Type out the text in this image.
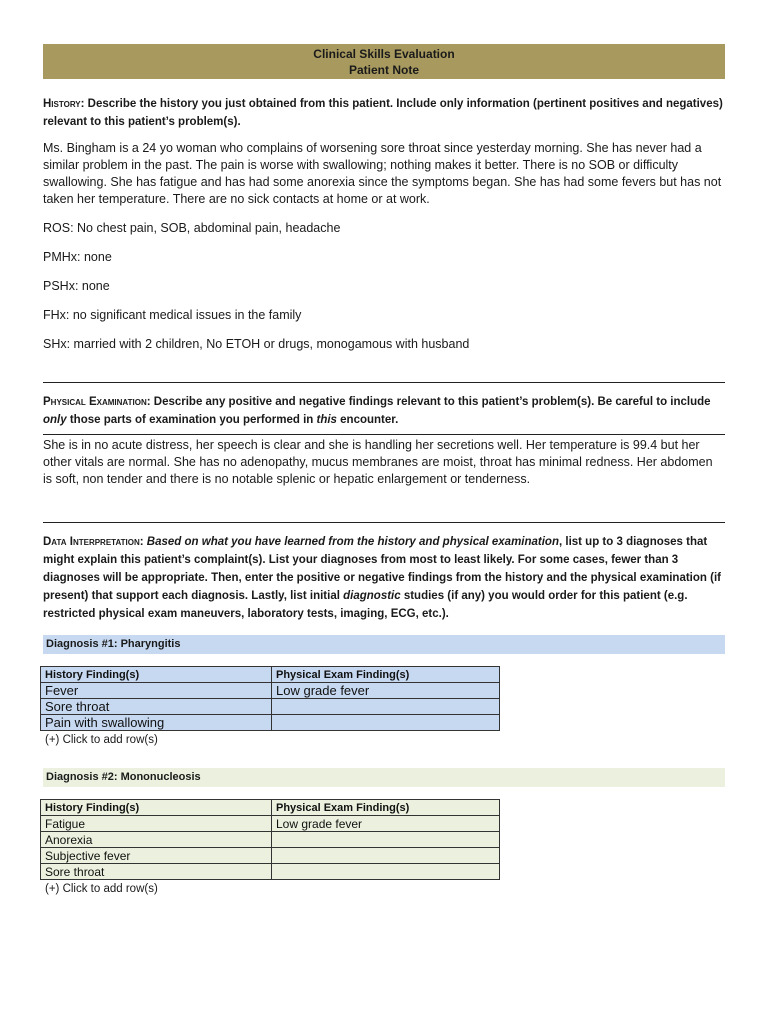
Clinical Skills Evaluation
Patient Note
History: Describe the history you just obtained from this patient. Include only information (pertinent positives and negatives) relevant to this patient’s problem(s).

Ms. Bingham is a 24 yo woman who complains of worsening sore throat since yesterday morning. She has never had a similar problem in the past. The pain is worse with swallowing; nothing makes it better. There is no SOB or difficulty swallowing. She has fatigue and has had some anorexia since the symptoms began. She has had some fevers but has not taken her temperature. There are no sick contacts at home or at work.

ROS: No chest pain, SOB, abdominal pain, headache

PMHx: none

PSHx: none

FHx: no significant medical issues in the family

SHx: married with 2 children, No ETOH or drugs, monogamous with husband

Physical Examination: Describe any positive and negative findings relevant to this patient’s problem(s). Be careful to include only those parts of examination you performed in this encounter.

She is in no acute distress, her speech is clear and she is handling her secretions well. Her temperature is 99.4 but her other vitals are normal. She has no adenopathy, mucus membranes are moist, throat has minimal redness. Her abdomen is soft, non tender and there is no notable splenic or hepatic enlargement or tenderness.

Data Interpretation: Based on what you have learned from the history and physical examination, list up to 3 diagnoses that might explain this patient’s complaint(s). List your diagnoses from most to least likely. For some cases, fewer than 3 diagnoses will be appropriate. Then, enter the positive or negative findings from the history and the physical examination (if present) that support each diagnosis. Lastly, list initial diagnostic studies (if any) you would order for this patient (e.g. restricted physical exam maneuvers, laboratory tests, imaging, ECG, etc.).
Diagnosis #1: Pharyngitis
History Finding(s)	Physical Exam Finding(s)
Fever	Low grade fever
Sore throat	
Pain with swallowing	
(+) Click to add row(s)
Diagnosis #2: Mononucleosis
History Finding(s)	Physical Exam Finding(s)
Fatigue	Low grade fever
Anorexia	
Subjective fever	
Sore throat	
(+) Click to add row(s)
